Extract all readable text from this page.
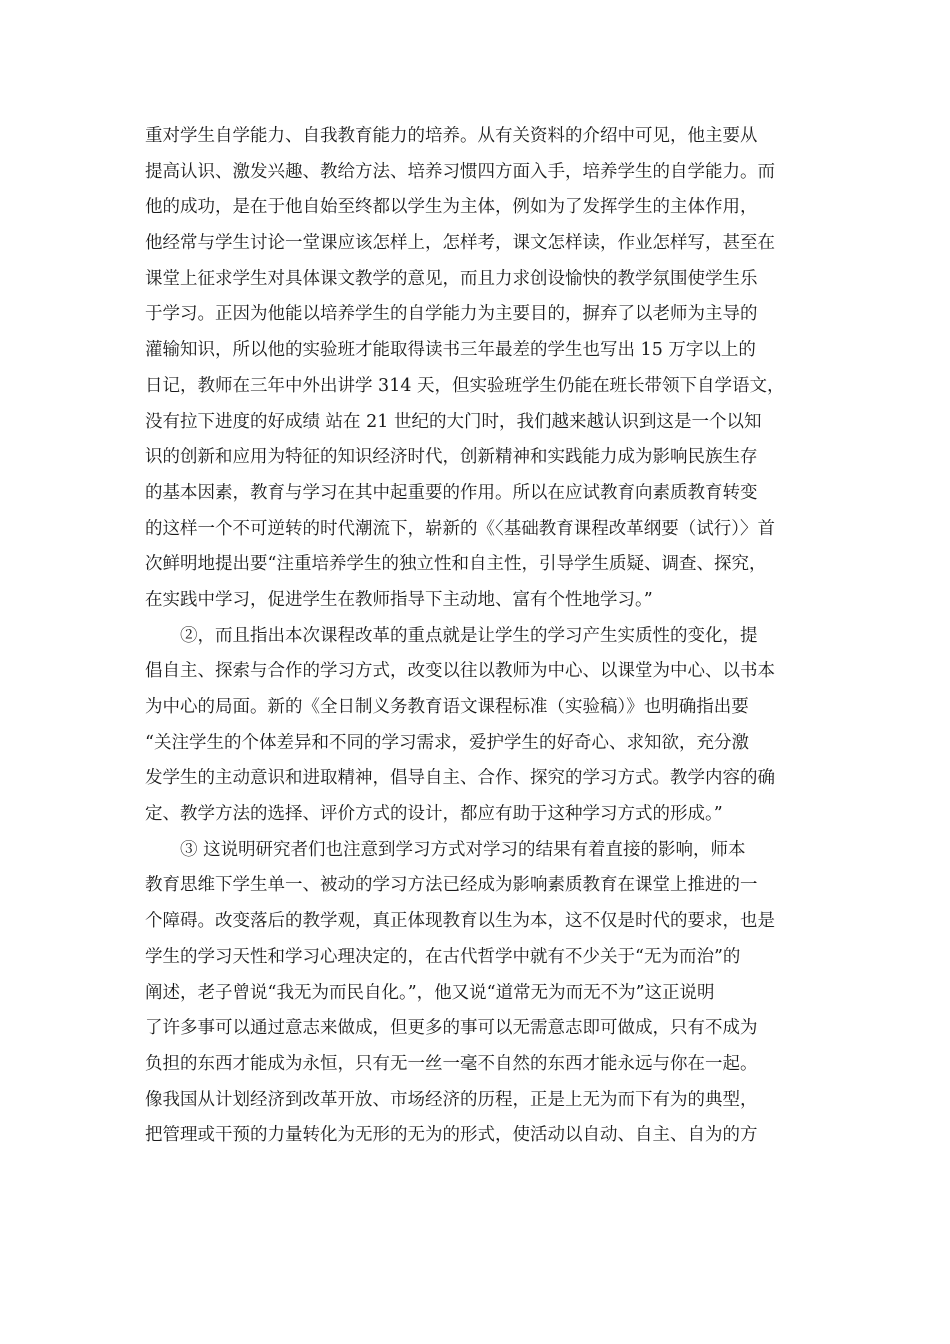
重对学生自学能力、自我教育能力的培养。从有关资料的介绍中可见，他主要从
提高认识、激发兴趣、教给方法、培养习惯四方面入手，培养学生的自学能力。而
他的成功，是在于他自始至终都以学生为主体，例如为了发挥学生的主体作用，
他经常与学生讨论一堂课应该怎样上，怎样考，课文怎样读，作业怎样写，甚至在
课堂上征求学生对具体课文教学的意见，而且力求创设愉快的教学氛围使学生乐
于学习。正因为他能以培养学生的自学能力为主要目的，摒弃了以老师为主导的
灌输知识，所以他的实验班才能取得读书三年最差的学生也写出 15 万字以上的
日记，教师在三年中外出讲学 314 天，但实验班学生仍能在班长带领下自学语文，
没有拉下进度的好成绩 站在 21 世纪的大门时，我们越来越认识到这是一个以知
识的创新和应用为特征的知识经济时代，创新精神和实践能力成为影响民族生存
的基本因素，教育与学习在其中起重要的作用。所以在应试教育向素质教育转变
的这样一个不可逆转的时代潮流下，崭新的《〈基础教育课程改革纲要（试行）〉首
次鲜明地提出要“注重培养学生的独立性和自主性，引导学生质疑、调查、探究，
在实践中学习，促进学生在教师指导下主动地、富有个性地学习。”
②，而且指出本次课程改革的重点就是让学生的学习产生实质性的变化，提
倡自主、探索与合作的学习方式，改变以往以教师为中心、以课堂为中心、以书本
为中心的局面。新的《全日制义务教育语文课程标准（实验稿）》也明确指出要
“关注学生的个体差异和不同的学习需求，爱护学生的好奇心、求知欲，充分激
发学生的主动意识和进取精神，倡导自主、合作、探究的学习方式。教学内容的确
定、教学方法的选择、评价方式的设计，都应有助于这种学习方式的形成。”
③ 这说明研究者们也注意到学习方式对学习的结果有着直接的影响，师本
教育思维下学生单一、被动的学习方法已经成为影响素质教育在课堂上推进的一
个障碍。改变落后的教学观，真正体现教育以生为本，这不仅是时代的要求，也是
学生的学习天性和学习心理决定的，在古代哲学中就有不少关于“无为而治”的
阐述，老子曾说“我无为而民自化。”，他又说“道常无为而无不为”这正说明
了许多事可以通过意志来做成，但更多的事可以无需意志即可做成，只有不成为
负担的东西才能成为永恒，只有无一丝一毫不自然的东西才能永远与你在一起。
像我国从计划经济到改革开放、市场经济的历程，正是上无为而下有为的典型，
把管理或干预的力量转化为无形的无为的形式，使活动以自动、自主、自为的方
